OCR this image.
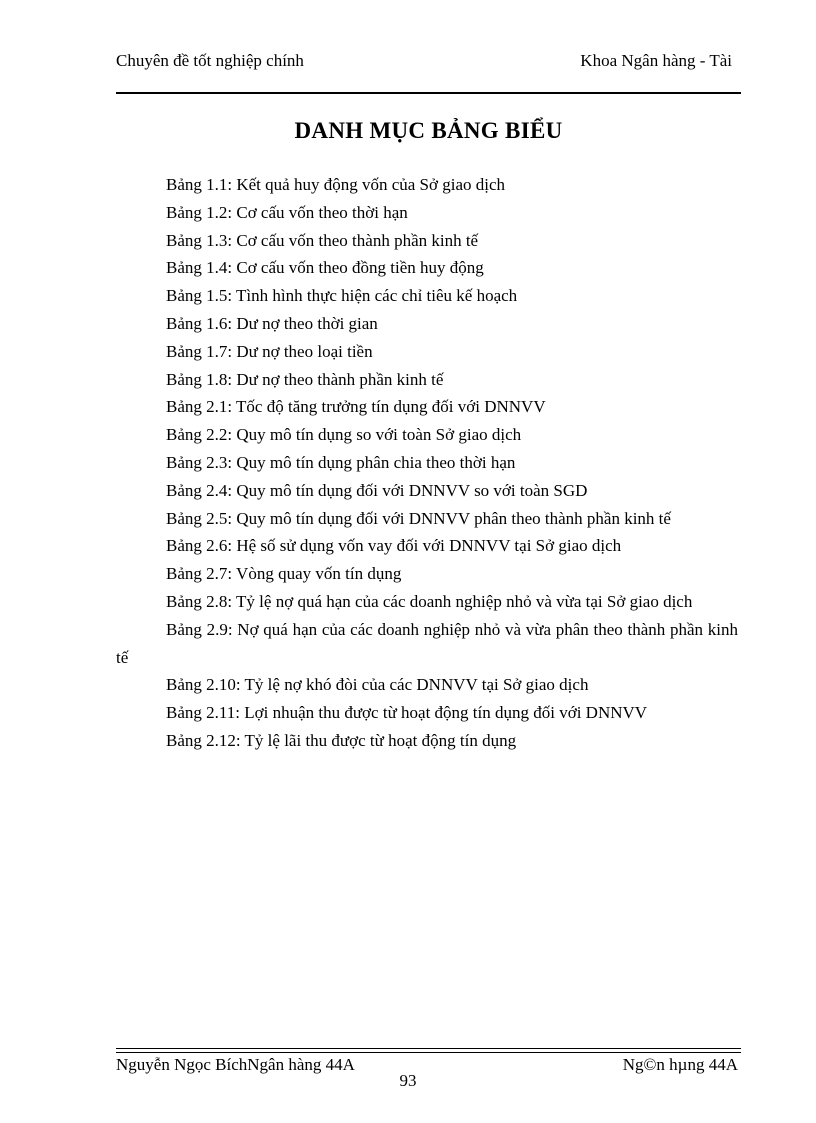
Chuyên đề tốt nghiệp chính	Khoa Ngân hàng - Tài
DANH MỤC BẢNG BIỂU
Bảng 1.1: Kết quả huy động vốn của Sở giao dịch
Bảng 1.2: Cơ cấu vốn theo thời hạn
Bảng 1.3: Cơ cấu vốn theo thành phần kinh tế
Bảng 1.4: Cơ cấu vốn theo đồng tiền huy động
Bảng 1.5: Tình hình thực hiện các chỉ tiêu kế hoạch
Bảng 1.6: Dư nợ theo thời gian
Bảng 1.7: Dư nợ theo loại tiền
Bảng 1.8: Dư nợ theo thành phần kinh tế
Bảng 2.1: Tốc độ tăng trưởng tín dụng đối với DNNVV
Bảng 2.2: Quy mô tín dụng so với toàn Sở giao dịch
Bảng 2.3: Quy mô tín dụng phân chia theo thời hạn
Bảng 2.4: Quy mô tín dụng đối với DNNVV so với toàn SGD
Bảng 2.5: Quy mô tín dụng đối với DNNVV phân theo thành phần kinh tế
Bảng 2.6: Hệ số sử dụng vốn vay đối với DNNVV tại Sở giao dịch
Bảng 2.7: Vòng quay vốn tín dụng
Bảng 2.8: Tỷ lệ nợ quá hạn của các doanh nghiệp nhỏ và vừa tại Sở giao dịch
Bảng 2.9: Nợ quá hạn của các doanh nghiệp nhỏ và vừa phân theo thành phần kinh tế
Bảng 2.10: Tỷ lệ nợ khó đòi của các DNNVV tại Sở giao dịch
Bảng 2.11: Lợi nhuận thu được từ hoạt động tín dụng đối với DNNVV
Bảng 2.12: Tỷ lệ lãi thu được từ hoạt động tín dụng
Nguyễn Ngọc BíchNgân hàng 44A	Ng©n hµng 44A
93
